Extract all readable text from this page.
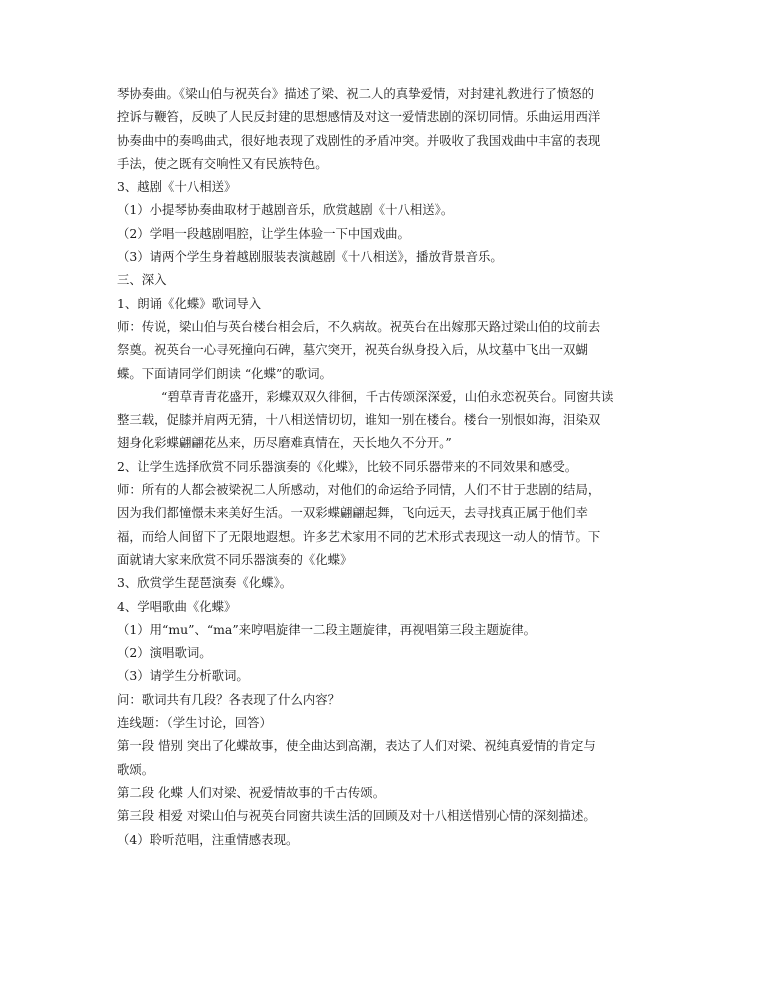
琴协奏曲。《梁山伯与祝英台》描述了梁、祝二人的真挚爱情，对封建礼教进行了愤怒的
控诉与鞭笞，反映了人民反封建的思想感情及对这一爱情悲剧的深切同情。乐曲运用西洋
协奏曲中的奏鸣曲式，很好地表现了戏剧性的矛盾冲突。并吸收了我国戏曲中丰富的表现
手法，使之既有交响性又有民族特色。
3、越剧《十八相送》
（1）小提琴协奏曲取材于越剧音乐，欣赏越剧《十八相送》。
（2）学唱一段越剧唱腔，让学生体验一下中国戏曲。
（3）请两个学生身着越剧服装表演越剧《十八相送》，播放背景音乐。
三、深入
1、朗诵《化蝶》歌词导入
师：传说，梁山伯与英台楼台相会后，不久病故。祝英台在出嫁那天路过梁山伯的坟前去
祭奠。祝英台一心寻死撞向石碑，墓穴突开，祝英台纵身投入后，从坟墓中飞出一双蝴
蝶。下面请同学们朗读 “化蝶”的歌词。
“碧草青青花盛开，彩蝶双双久徘徊，千古传颂深深爱，山伯永恋祝英台。同窗共读
整三载，促膝并肩两无猜，十八相送情切切，谁知一别在楼台。楼台一别恨如海，泪染双
翅身化彩蝶翩翩花丛来，历尽磨难真情在，天长地久不分开。”
2、让学生选择欣赏不同乐器演奏的《化蝶》，比较不同乐器带来的不同效果和感受。
师：所有的人都会被梁祝二人所感动，对他们的命运给予同情，人们不甘于悲剧的结局，
因为我们都憧憬未来美好生活。一双彩蝶翩翩起舞，飞向远天，去寻找真正属于他们幸
福，而给人间留下了无限地遐想。许多艺术家用不同的艺术形式表现这一动人的情节。下
面就请大家来欣赏不同乐器演奏的《化蝶》
3、欣赏学生琵琶演奏《化蝶》。
4、学唱歌曲《化蝶》
（1）用“mu”、“ma”来哼唱旋律一二段主题旋律，再视唱第三段主题旋律。
（2）演唱歌词。
（3）请学生分析歌词。
问：歌词共有几段？各表现了什么内容？
连线题：（学生讨论，回答）
第一段 惜别 突出了化蝶故事，使全曲达到高潮，表达了人们对梁、祝纯真爱情的肯定与
歌颂。
第二段 化蝶 人们对梁、祝爱情故事的千古传颂。
第三段 相爱 对梁山伯与祝英台同窗共读生活的回顾及对十八相送惜别心情的深刻描述。
（4）聆听范唱，注重情感表现。
